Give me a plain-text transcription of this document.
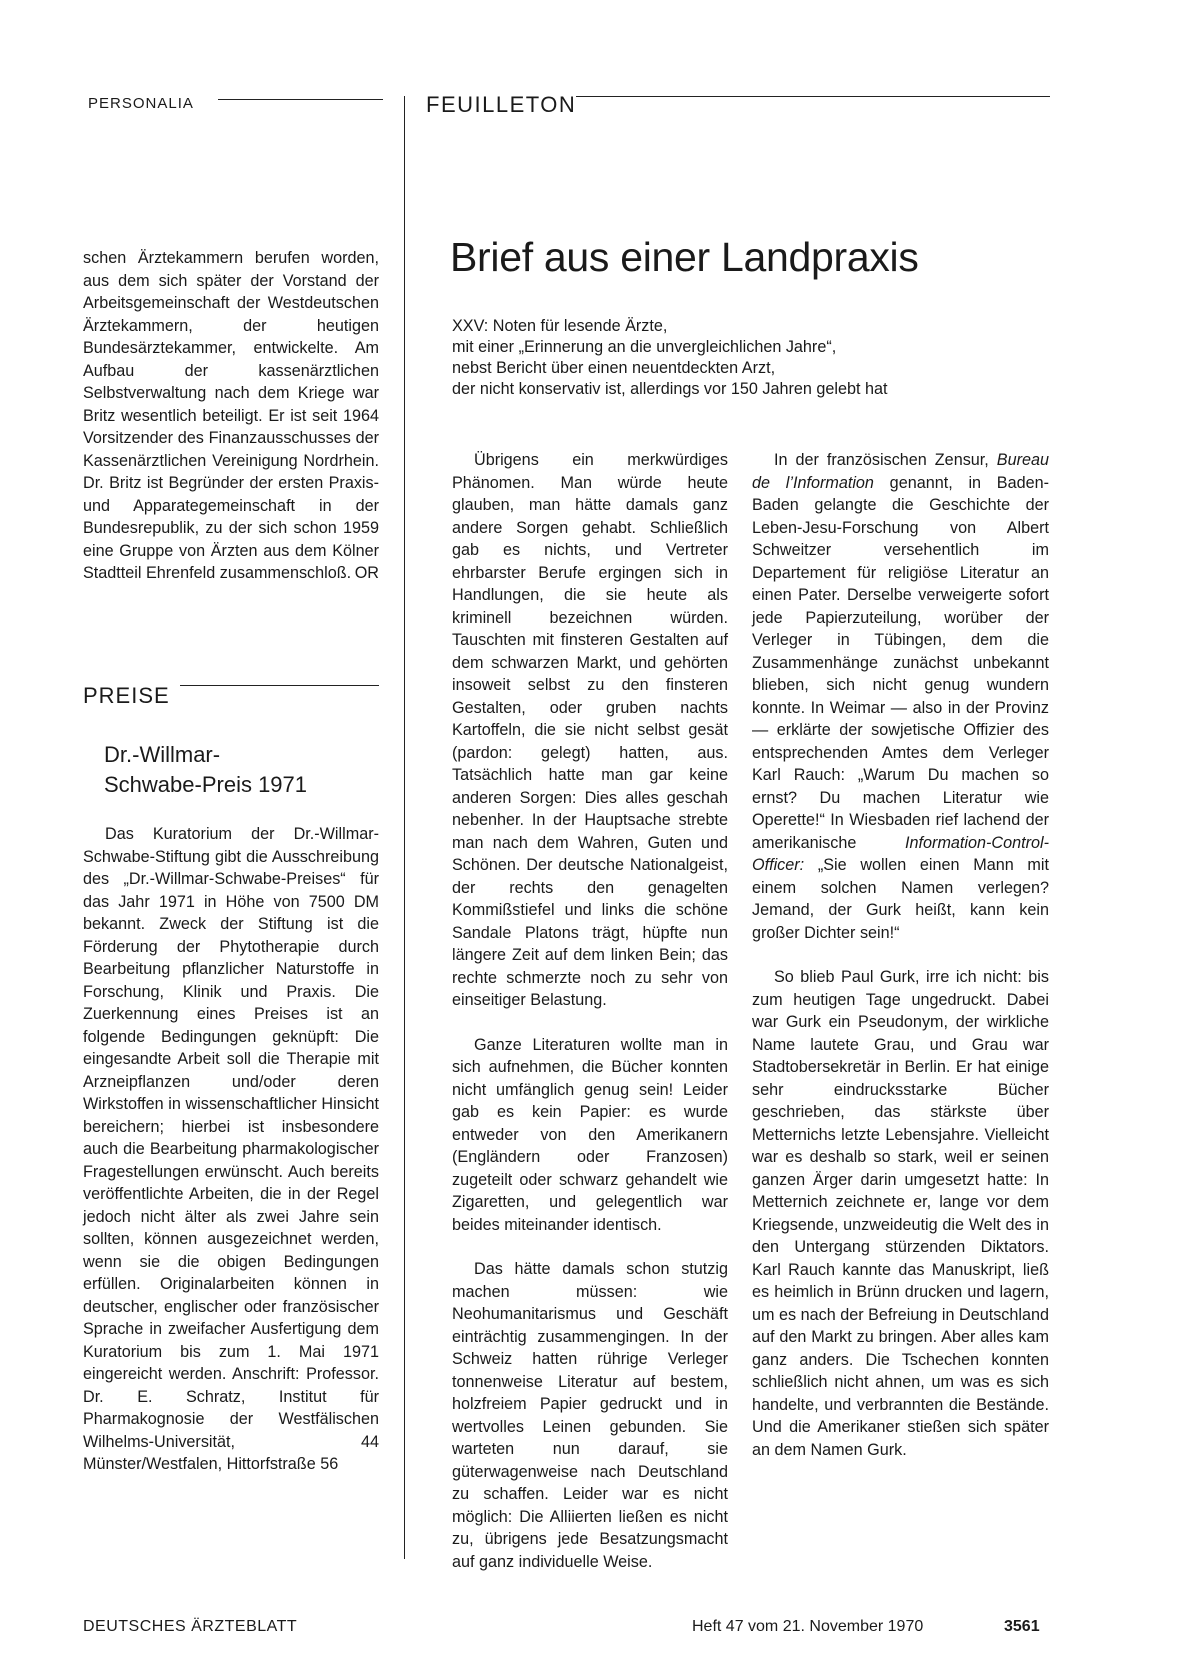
PERSONALIA	FEUILLETON

schen Ärztekammern berufen worden, aus dem sich später der Vorstand der Arbeitsgemeinschaft der Westdeutschen Ärztekammern, der heutigen Bundesärztekammer, entwickelte. Am Aufbau der kassenärztlichen Selbstverwaltung nach dem Kriege war Britz wesentlich beteiligt. Er ist seit 1964 Vorsitzender des Finanzausschusses der Kassenärztlichen Vereinigung Nordrhein. Dr. Britz ist Begründer der ersten Praxis- und Apparategemeinschaft in der Bundesrepublik, zu der sich schon 1959 eine Gruppe von Ärzten aus dem Kölner Stadtteil Ehrenfeld zusammenschloß. OR
PREISE
Dr.-Willmar-
Schwabe-Preis 1971

Das Kuratorium der Dr.-Willmar-Schwabe-Stiftung gibt die Ausschreibung des „Dr.-Willmar-Schwabe-Preises“ für das Jahr 1971 in Höhe von 7500 DM bekannt. Zweck der Stiftung ist die Förderung der Phytotherapie durch Bearbeitung pflanzlicher Naturstoffe in Forschung, Klinik und Praxis. Die Zuerkennung eines Preises ist an folgende Bedingungen geknüpft: Die eingesandte Arbeit soll die Therapie mit Arzneipflanzen und/oder deren Wirkstoffen in wissenschaftlicher Hinsicht bereichern; hierbei ist insbesondere auch die Bearbeitung pharmakologischer Fragestellungen erwünscht. Auch bereits veröffentlichte Arbeiten, die in der Regel jedoch nicht älter als zwei Jahre sein sollten, können ausgezeichnet werden, wenn sie die obigen Bedingungen erfüllen. Originalarbeiten können in deutscher, englischer oder französischer Sprache in zweifacher Ausfertigung dem Kuratorium bis zum 1. Mai 1971 eingereicht werden. Anschrift: Professor. Dr. E. Schratz, Institut für Pharmakognosie der Westfälischen Wilhelms-Universität, 44 Münster/Westfalen, Hittorfstraße 56

Brief aus einer Landpraxis
XXV: Noten für lesende Ärzte,
mit einer „Erinnerung an die unvergleichlichen Jahre“,
nebst Bericht über einen neuentdeckten Arzt,
der nicht konservativ ist, allerdings vor 150 Jahren gelebt hat

Übrigens ein merkwürdiges Phänomen. Man würde heute glauben, man hätte damals ganz andere Sorgen gehabt. Schließlich gab es nichts, und Vertreter ehrbarster Berufe ergingen sich in Handlungen, die sie heute als kriminell bezeichnen würden. Tauschten mit finsteren Gestalten auf dem schwarzen Markt, und gehörten insoweit selbst zu den finsteren Gestalten, oder gruben nachts Kartoffeln, die sie nicht selbst gesät (pardon: gelegt) hatten, aus. Tatsächlich hatte man gar keine anderen Sorgen: Dies alles geschah nebenher. In der Hauptsache strebte man nach dem Wahren, Guten und Schönen. Der deutsche Nationalgeist, der rechts den genagelten Kommißstiefel und links die schöne Sandale Platons trägt, hüpfte nun längere Zeit auf dem linken Bein; das rechte schmerzte noch zu sehr von einseitiger Belastung.

Ganze Literaturen wollte man in sich aufnehmen, die Bücher konnten nicht umfänglich genug sein! Leider gab es kein Papier: es wurde entweder von den Amerikanern (Engländern oder Franzosen) zugeteilt oder schwarz gehandelt wie Zigaretten, und gelegentlich war beides miteinander identisch.

Das hätte damals schon stutzig machen müssen: wie Neohumanitarismus und Geschäft einträchtig zusammengingen. In der Schweiz hatten rührige Verleger tonnenweise Literatur auf bestem, holzfreiem Papier gedruckt und in wertvolles Leinen gebunden. Sie warteten nun darauf, sie güterwagenweise nach Deutschland zu schaffen. Leider war es nicht möglich: Die Alliierten ließen es nicht zu, übrigens jede Besatzungsmacht auf ganz individuelle Weise.

In der französischen Zensur, Bureau de l’Information genannt, in Baden-Baden gelangte die Geschichte der Leben-Jesu-Forschung von Albert Schweitzer versehentlich im Departement für religiöse Literatur an einen Pater. Derselbe verweigerte sofort jede Papierzuteilung, worüber der Verleger in Tübingen, dem die Zusammenhänge zunächst unbekannt blieben, sich nicht genug wundern konnte. In Weimar — also in der Provinz — erklärte der sowjetische Offizier des entsprechenden Amtes dem Verleger Karl Rauch: „Warum Du machen so ernst? Du machen Literatur wie Operette!“ In Wiesbaden rief lachend der amerikanische Information-Control-Officer: „Sie wollen einen Mann mit einem solchen Namen verlegen? Jemand, der Gurk heißt, kann kein großer Dichter sein!“

So blieb Paul Gurk, irre ich nicht: bis zum heutigen Tage ungedruckt. Dabei war Gurk ein Pseudonym, der wirkliche Name lautete Grau, und Grau war Stadtobersekretär in Berlin. Er hat einige sehr eindrucksstarke Bücher geschrieben, das stärkste über Metternichs letzte Lebensjahre. Vielleicht war es deshalb so stark, weil er seinen ganzen Ärger darin umgesetzt hatte: In Metternich zeichnete er, lange vor dem Kriegsende, unzweideutig die Welt des in den Untergang stürzenden Diktators. Karl Rauch kannte das Manuskript, ließ es heimlich in Brünn drucken und lagern, um es nach der Befreiung in Deutschland auf den Markt zu bringen. Aber alles kam ganz anders. Die Tschechen konnten schließlich nicht ahnen, um was es sich handelte, und verbrannten die Bestände. Und die Amerikaner stießen sich später an dem Namen Gurk.

DEUTSCHES ÄRZTEBLATT	Heft 47 vom 21. November 1970	3561
